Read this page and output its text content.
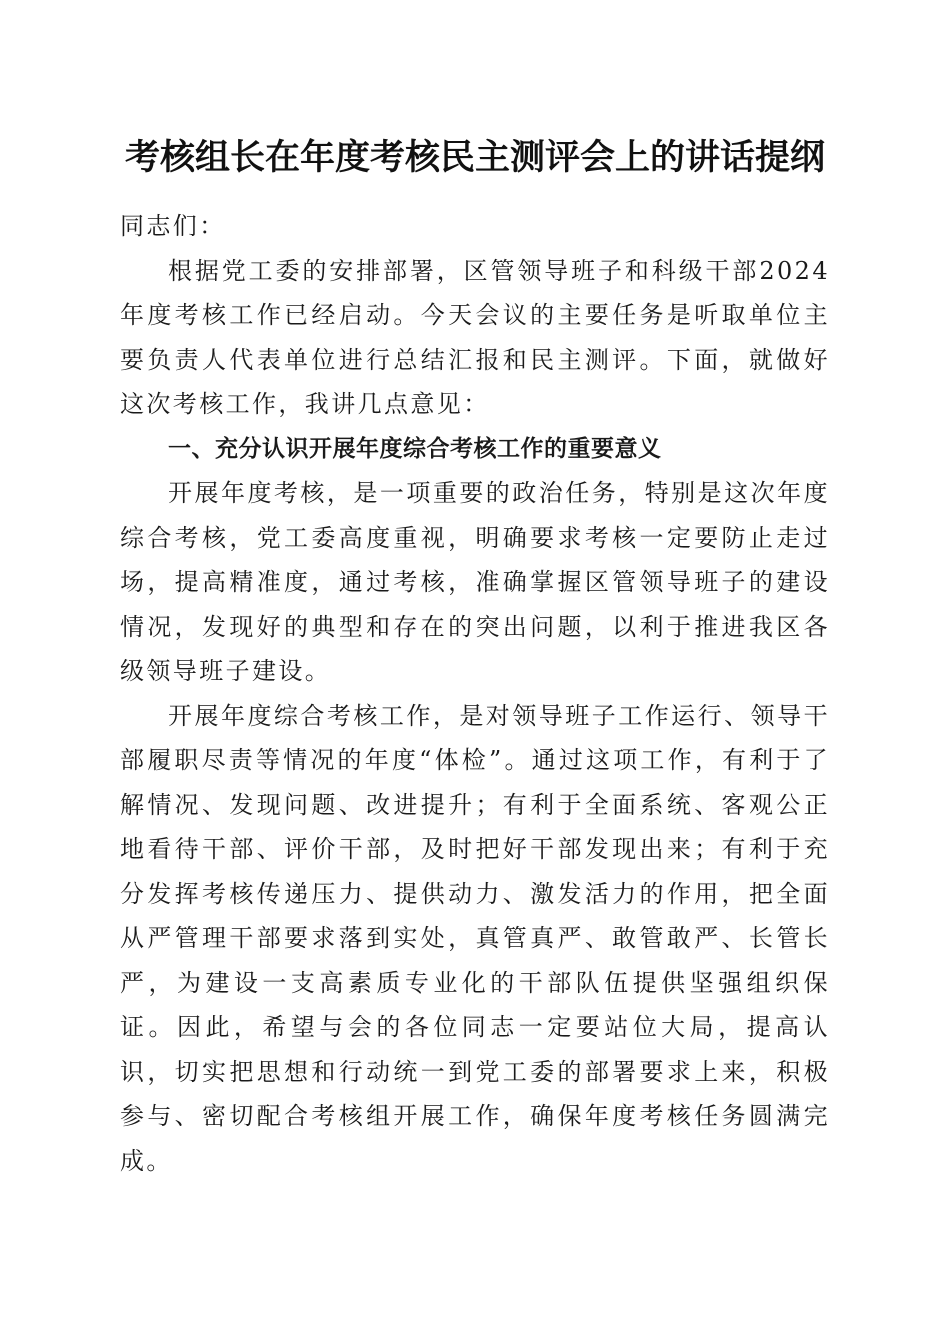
考核组长在年度考核民主测评会上的讲话提纲

同志们：

根据党工委的安排部署，区管领导班子和科级干部2024年度考核工作已经启动。今天会议的主要任务是听取单位主要负责人代表单位进行总结汇报和民主测评。下面，就做好这次考核工作，我讲几点意见：

一、充分认识开展年度综合考核工作的重要意义

开展年度考核，是一项重要的政治任务，特别是这次年度综合考核，党工委高度重视，明确要求考核一定要防止走过场，提高精准度，通过考核，准确掌握区管领导班子的建设情况，发现好的典型和存在的突出问题，以利于推进我区各级领导班子建设。

开展年度综合考核工作，是对领导班子工作运行、领导干部履职尽责等情况的年度“体检”。通过这项工作，有利于了解情况、发现问题、改进提升；有利于全面系统、客观公正地看待干部、评价干部，及时把好干部发现出来；有利于充分发挥考核传递压力、提供动力、激发活力的作用，把全面从严管理干部要求落到实处，真管真严、敢管敢严、长管长严，为建设一支高素质专业化的干部队伍提供坚强组织保证。因此，希望与会的各位同志一定要站位大局，提高认识，切实把思想和行动统一到党工委的部署要求上来，积极参与、密切配合考核组开展工作，确保年度考核任务圆满完成。
